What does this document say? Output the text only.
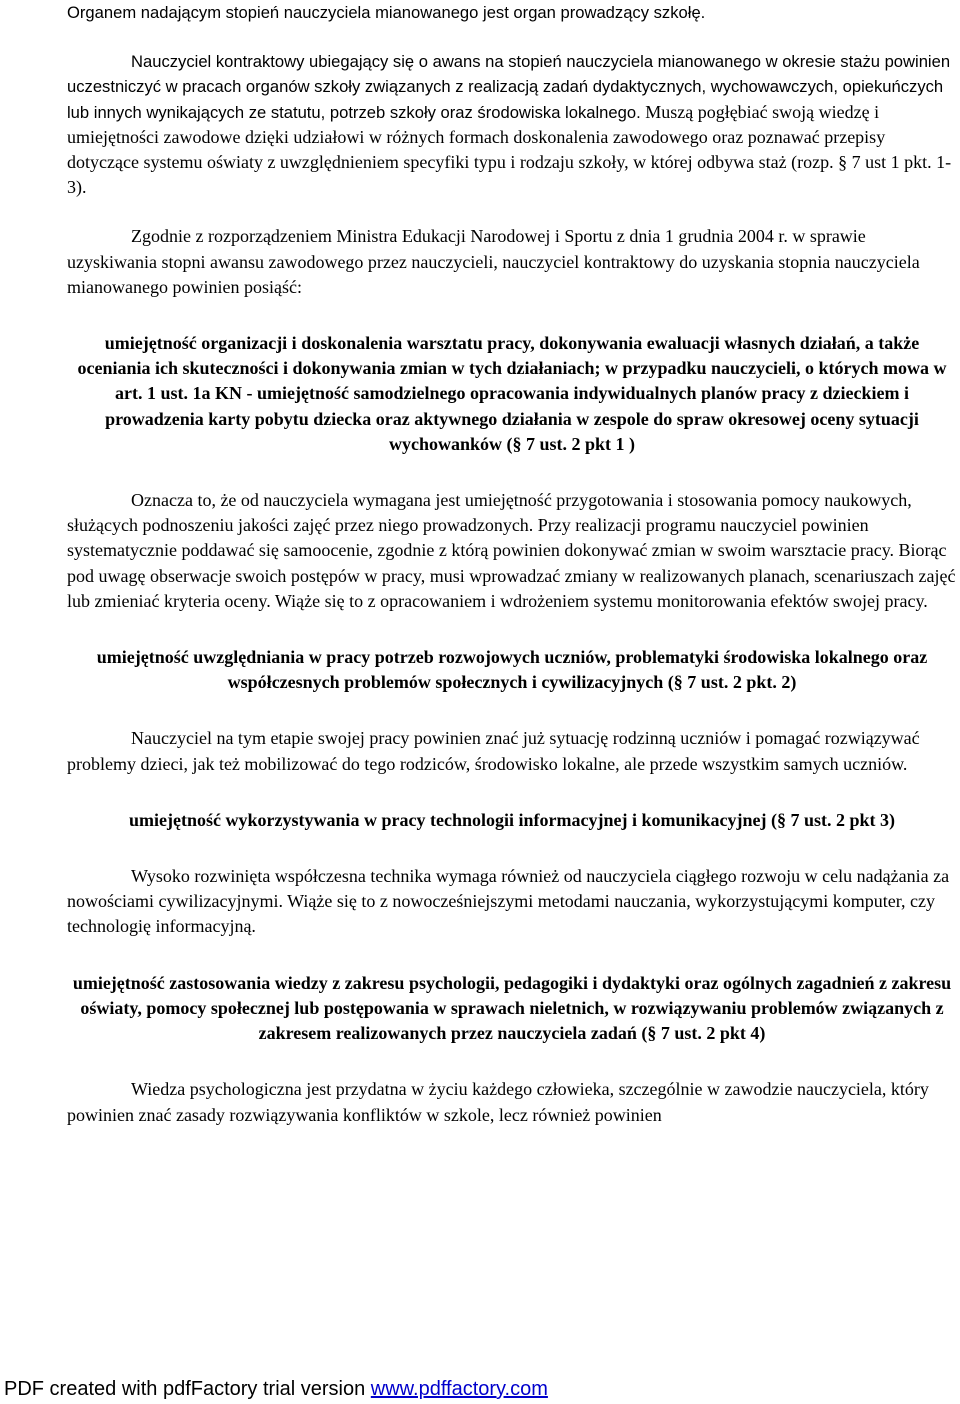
Organem nadającym stopień nauczyciela mianowanego jest organ prowadzący szkołę.

Nauczyciel kontraktowy ubiegający się o awans na stopień nauczyciela mianowanego w okresie stażu powinien uczestniczyć w pracach organów szkoły związanych z realizacją zadań dydaktycznych, wychowawczych, opiekuńczych lub innych wynikających ze statutu, potrzeb szkoły oraz środowiska lokalnego. Muszą pogłębiać swoją wiedzę i umiejętności zawodowe dzięki udziałowi w różnych formach doskonalenia zawodowego oraz poznawać przepisy dotyczące systemu oświaty z uwzględnieniem specyfiki typu i rodzaju szkoły, w której odbywa staż (rozp. § 7 ust 1 pkt. 1-3).

Zgodnie z rozporządzeniem Ministra Edukacji Narodowej i Sportu z dnia 1 grudnia 2004 r. w sprawie uzyskiwania stopni awansu zawodowego przez nauczycieli, nauczyciel kontraktowy do uzyskania stopnia nauczyciela mianowanego powinien posiąść:

umiejętność organizacji i doskonalenia warsztatu pracy, dokonywania ewaluacji własnych działań, a także oceniania ich skuteczności i dokonywania zmian w tych działaniach; w przypadku nauczycieli, o których mowa w art. 1 ust. 1a KN - umiejętność samodzielnego opracowania indywidualnych planów pracy z dzieckiem i prowadzenia karty pobytu dziecka oraz aktywnego działania w zespole do spraw okresowej oceny sytuacji wychowanków (§ 7 ust. 2 pkt 1 )

Oznacza to, że od nauczyciela wymagana jest umiejętność przygotowania i stosowania pomocy naukowych, służących podnoszeniu jakości zajęć przez niego prowadzonych. Przy realizacji programu nauczyciel powinien systematycznie poddawać się samoocenie, zgodnie z którą powinien dokonywać zmian w swoim warsztacie pracy. Biorąc pod uwagę obserwacje swoich postępów w pracy, musi wprowadzać zmiany w realizowanych planach, scenariuszach zajęć lub zmieniać kryteria oceny. Wiąże się to z opracowaniem i wdrożeniem systemu monitorowania efektów swojej pracy.

umiejętność uwzględniania w pracy potrzeb rozwojowych uczniów, problematyki środowiska lokalnego oraz współczesnych problemów społecznych i cywilizacyjnych (§ 7 ust. 2 pkt. 2)

Nauczyciel na tym etapie swojej pracy powinien znać już sytuację rodzinną uczniów i pomagać rozwiązywać problemy dzieci, jak też mobilizować do tego rodziców, środowisko lokalne, ale przede wszystkim samych uczniów.

umiejętność wykorzystywania w pracy technologii informacyjnej i komunikacyjnej (§ 7 ust. 2 pkt 3)

Wysoko rozwinięta współczesna technika wymaga również od nauczyciela ciągłego rozwoju w celu nadążania za nowościami cywilizacyjnymi. Wiąże się to z nowocześniejszymi metodami nauczania, wykorzystującymi komputer, czy technologię informacyjną.

umiejętność zastosowania wiedzy z zakresu psychologii, pedagogiki i dydaktyki oraz ogólnych zagadnień z zakresu oświaty, pomocy społecznej lub postępowania w sprawach nieletnich, w rozwiązywaniu problemów związanych z zakresem realizowanych przez nauczyciela zadań (§ 7 ust. 2 pkt 4)

Wiedza psychologiczna jest przydatna w życiu każdego człowieka, szczególnie w zawodzie nauczyciela, który powinien znać zasady rozwiązywania konfliktów w szkole, lecz również powinien

PDF created with pdfFactory trial version www.pdffactory.com
